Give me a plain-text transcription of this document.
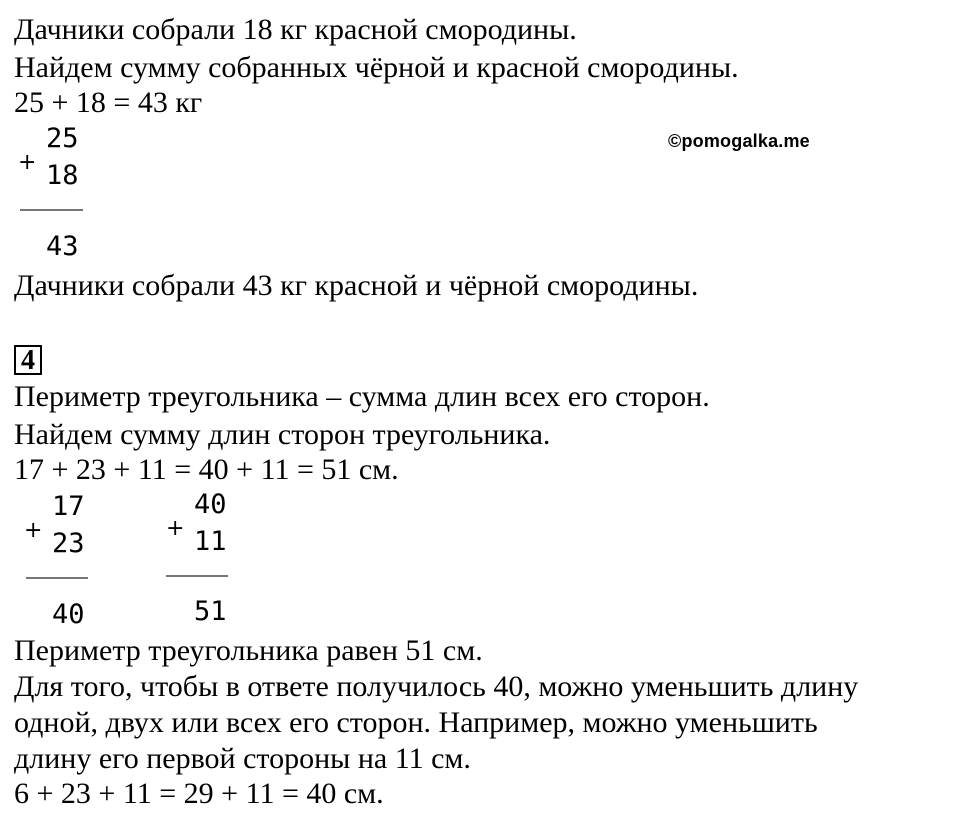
Дачники собрали 18 кг красной смородины.
Найдем сумму собранных чёрной и красной смородины.
25 + 18 = 43 кг
©pomogalka.me
+
25
18
43
Дачники собрали 43 кг красной и чёрной смородины.
4
Периметр треугольника – сумма длин всех его сторон.
Найдем сумму длин сторон треугольника.
17 + 23 + 11 = 40 + 11 = 51 см.
+
17
23
40
+
40
11
51
Периметр треугольника равен 51 см.
Для того, чтобы в ответе получилось 40, можно уменьшить длину
одной, двух или всех его сторон. Например, можно уменьшить
длину его первой стороны на 11 см.
6 + 23 + 11 = 29 + 11 = 40 см.
